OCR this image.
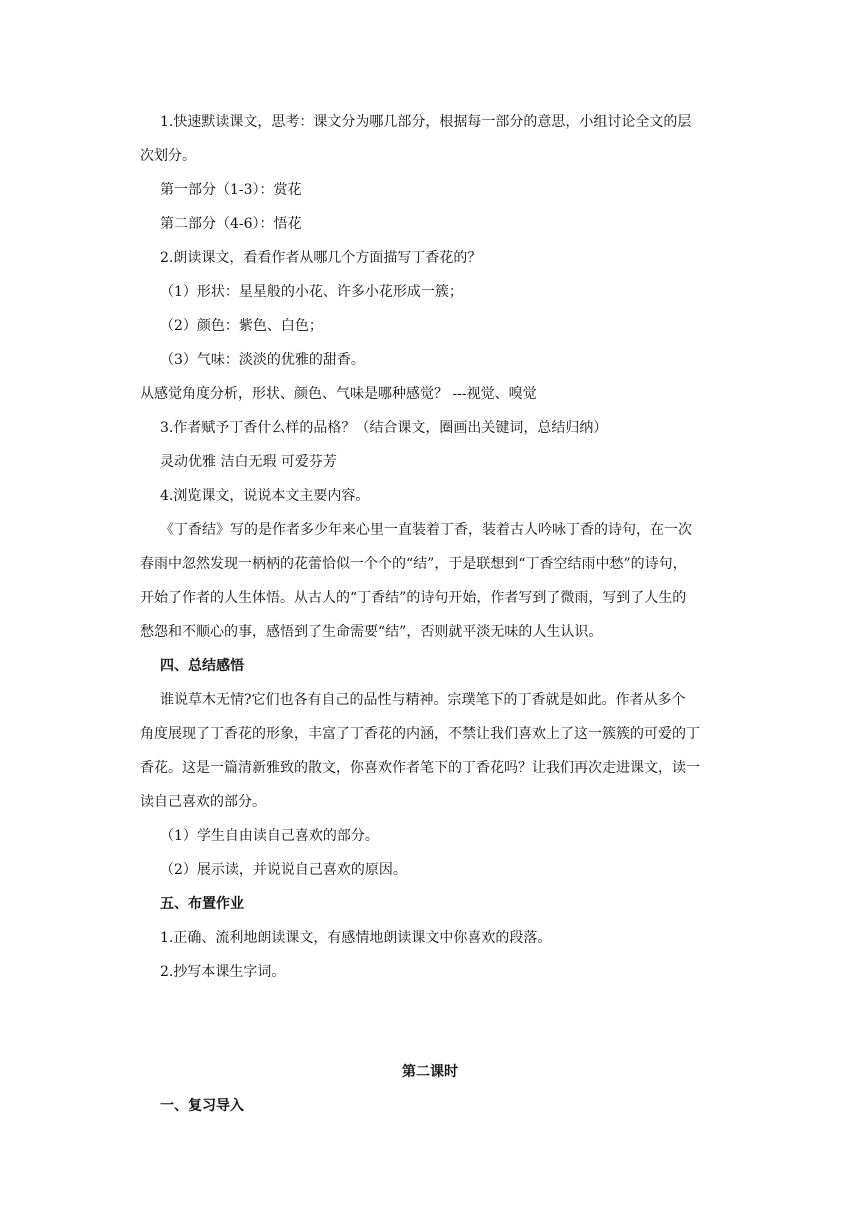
1.快速默读课文，思考：课文分为哪几部分，根据每一部分的意思，小组讨论全文的层
次划分。
第一部分（1-3）：赏花
第二部分（4-6）：悟花
2.朗读课文，看看作者从哪几个方面描写丁香花的？
（1）形状：星星般的小花、许多小花形成一簇；
（2）颜色：紫色、白色；
（3）气味：淡淡的优雅的甜香。
从感觉角度分析，形状、颜色、气味是哪种感觉？ ---视觉、嗅觉
3.作者赋予丁香什么样的品格？（结合课文，圈画出关键词，总结归纳）
灵动优雅 洁白无瑕 可爱芬芳
4.浏览课文，说说本文主要内容。
《丁香结》写的是作者多少年来心里一直装着丁香，装着古人吟咏丁香的诗句，在一次
春雨中忽然发现一柄柄的花蕾恰似一个个的“结”，于是联想到“丁香空结雨中愁”的诗句，
开始了作者的人生体悟。从古人的“丁香结”的诗句开始，作者写到了微雨，写到了人生的
愁怨和不顺心的事，感悟到了生命需要“结”，否则就平淡无味的人生认识。
四、总结感悟
谁说草木无情?它们也各有自己的品性与精神。宗璞笔下的丁香就是如此。作者从多个
角度展现了丁香花的形象，丰富了丁香花的内涵，不禁让我们喜欢上了这一簇簇的可爱的丁
香花。这是一篇清新雅致的散文，你喜欢作者笔下的丁香花吗？让我们再次走进课文，读一
读自己喜欢的部分。
（1）学生自由读自己喜欢的部分。
（2）展示读，并说说自己喜欢的原因。
五、布置作业
1.正确、流利地朗读课文，有感情地朗读课文中你喜欢的段落。
2.抄写本课生字词。
第二课时
一、复习导入
